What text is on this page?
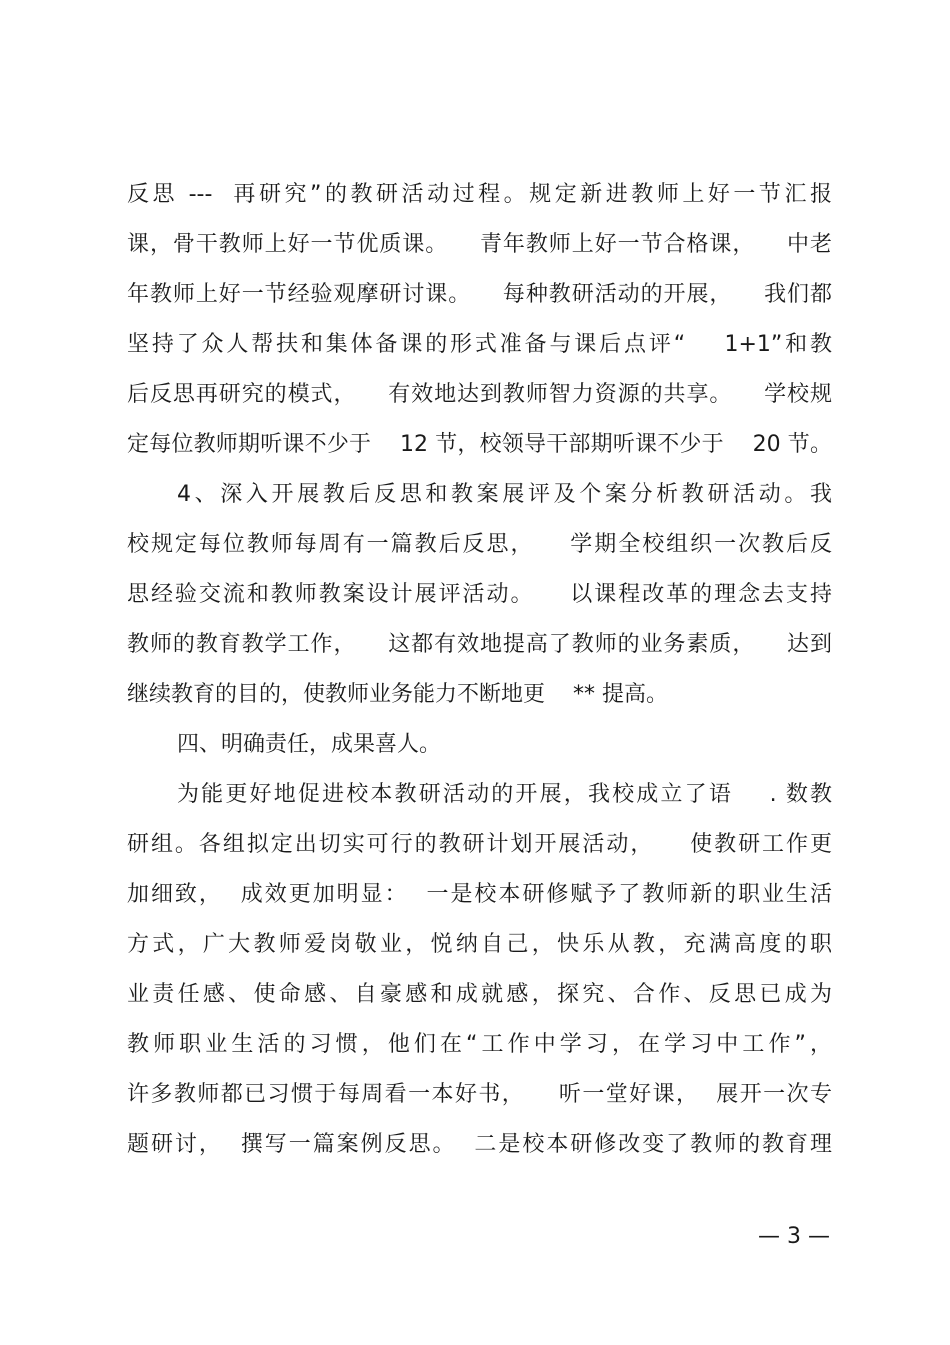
反思 ---  再研究”的教研活动过程。规定新进教师上好一节汇报
课，骨干教师上好一节优质课。    青年教师上好一节合格课，    中老
年教师上好一节经验观摩研讨课。    每种教研活动的开展，    我们都
坚持了众人帮扶和集体备课的形式准备与课后点评“    1+1”和教
后反思再研究的模式，    有效地达到教师智力资源的共享。    学校规
定每位教师期听课不少于    12 节，校领导干部期听课不少于    20 节。
4、深入开展教后反思和教案展评及个案分析教研活动。我
校规定每位教师每周有一篇教后反思，    学期全校组织一次教后反
思经验交流和教师教案设计展评活动。    以课程改革的理念去支持
教师的教育教学工作，    这都有效地提高了教师的业务素质，    达到
继续教育的目的，使教师业务能力不断地更    ** 提高。
四、明确责任，成果喜人。
为能更好地促进校本教研活动的开展，我校成立了语    . 数教
研组。各组拟定出切实可行的教研计划开展活动，    使教研工作更
加细致，  成效更加明显：  一是校本研修赋予了教师新的职业生活
方式，广大教师爱岗敬业，悦纳自己，快乐从教，充满高度的职
业责任感、使命感、自豪感和成就感，探究、合作、反思已成为
教师职业生活的习惯，他们在“工作中学习，在学习中工作”，
许多教师都已习惯于每周看一本好书，    听一堂好课，  展开一次专
题研讨，  撰写一篇案例反思。  二是校本研修改变了教师的教育理
— 3 —
